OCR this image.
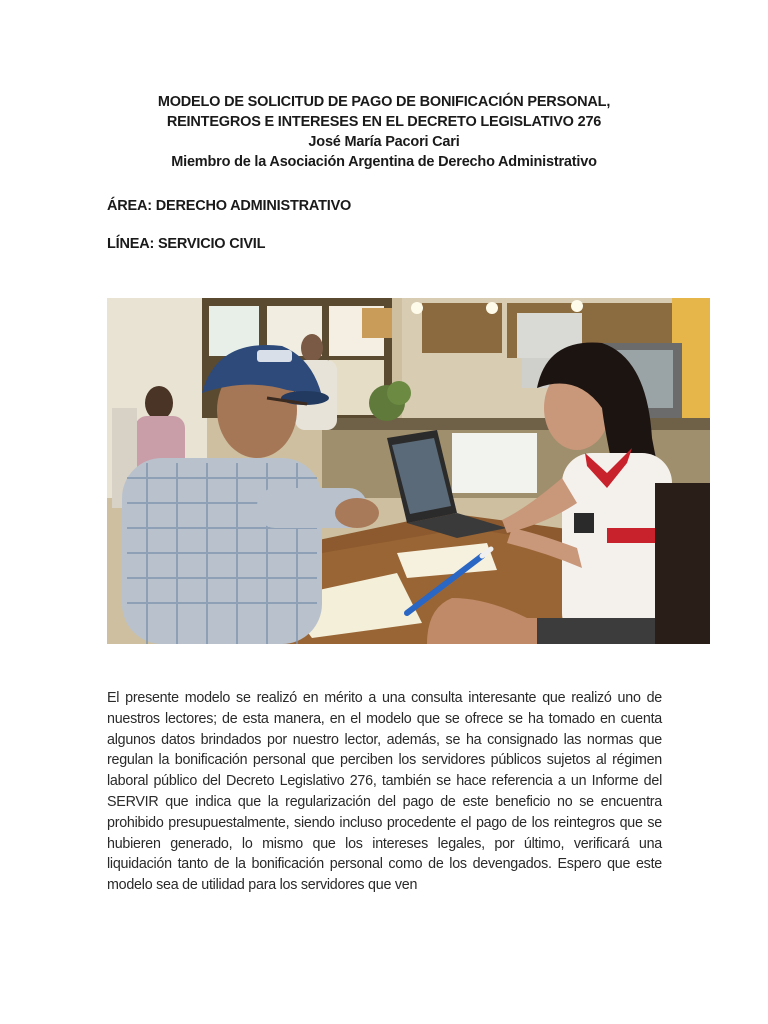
MODELO DE SOLICITUD DE PAGO DE BONIFICACIÓN PERSONAL,
REINTEGROS E INTERESES EN EL DECRETO LEGISLATIVO 276
José María Pacori Cari
Miembro de la Asociación Argentina de Derecho Administrativo
ÁREA: DERECHO ADMINISTRATIVO
LÍNEA: SERVICIO CIVIL
El presente modelo se realizó en mérito a una consulta interesante que realizó uno de nuestros lectores; de esta manera, en el modelo que se ofrece se ha tomado en cuenta algunos datos brindados por nuestro lector, además, se ha consignado las normas que regulan la bonificación personal que perciben los servidores públicos sujetos al régimen laboral público del Decreto Legislativo 276, también se hace referencia a un Informe del SERVIR que indica que la regularización del pago de este beneficio no se encuentra prohibido presupuestalmente, siendo incluso procedente el pago de los reintegros que se hubieren generado, lo mismo que los intereses legales, por último, verificará una liquidación tanto de la bonificación personal como de los devengados. Espero que este modelo sea de utilidad para los servidores que ven
